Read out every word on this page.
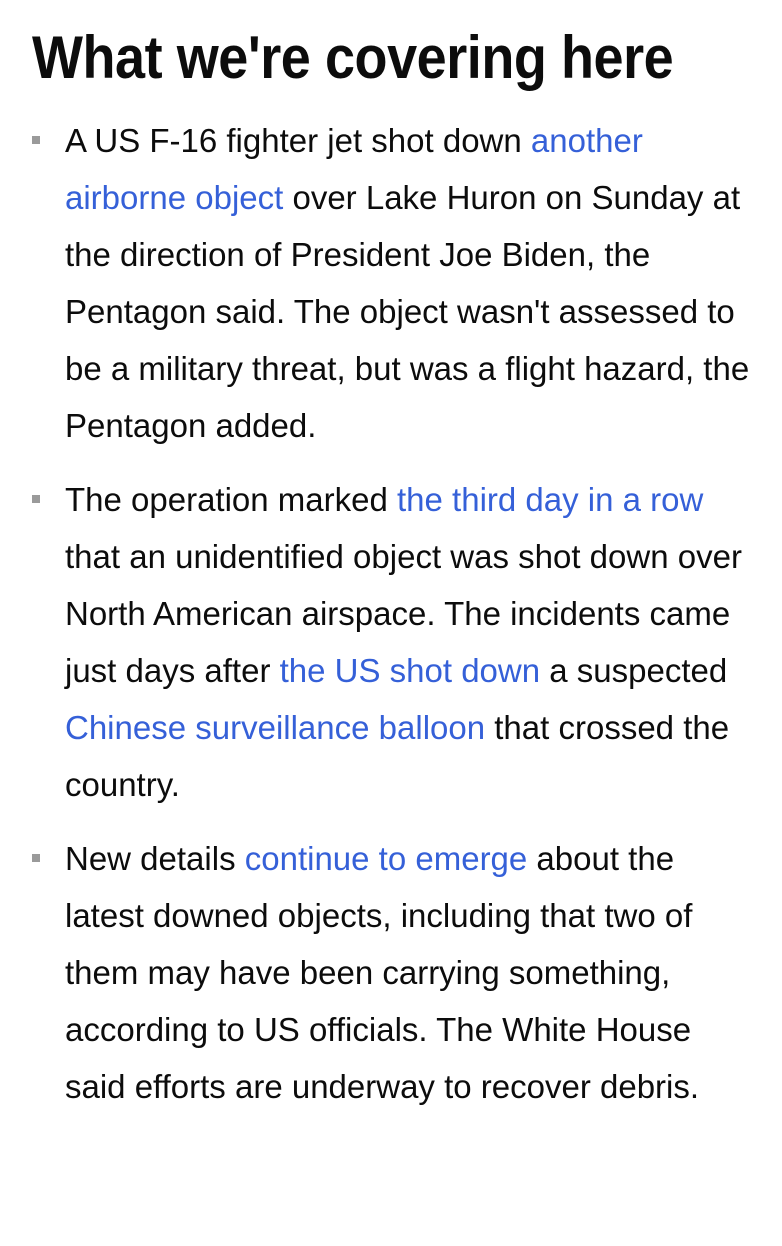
What we're covering here
A US F-16 fighter jet shot down another airborne object over Lake Huron on Sunday at the direction of President Joe Biden, the Pentagon said. The object wasn't assessed to be a military threat, but was a flight hazard, the Pentagon added.
The operation marked the third day in a row that an unidentified object was shot down over North American airspace. The incidents came just days after the US shot down a suspected Chinese surveillance balloon that crossed the country.
New details continue to emerge about the latest downed objects, including that two of them may have been carrying something, according to US officials. The White House said efforts are underway to recover debris.
